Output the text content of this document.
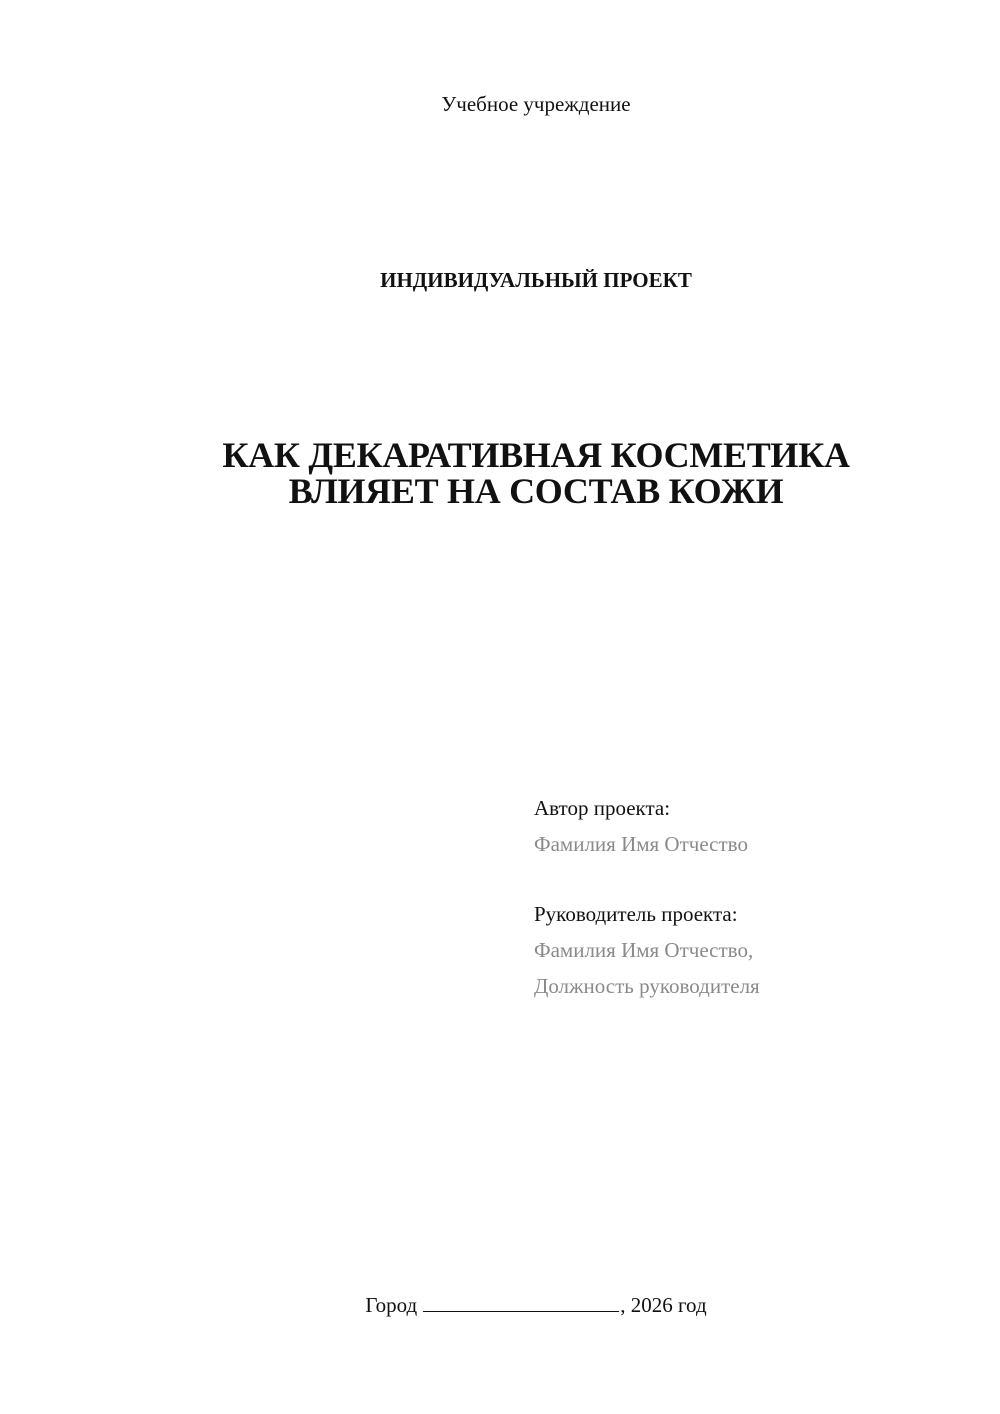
Учебное учреждение
ИНДИВИДУАЛЬНЫЙ ПРОЕКТ
КАК ДЕКАРАТИВНАЯ КОСМЕТИКА
ВЛИЯЕТ НА СОСТАВ КОЖИ
Автор проекта:
Фамилия Имя Отчество
Руководитель проекта:
Фамилия Имя Отчество,
Должность руководителя
Город	, 2026 год
